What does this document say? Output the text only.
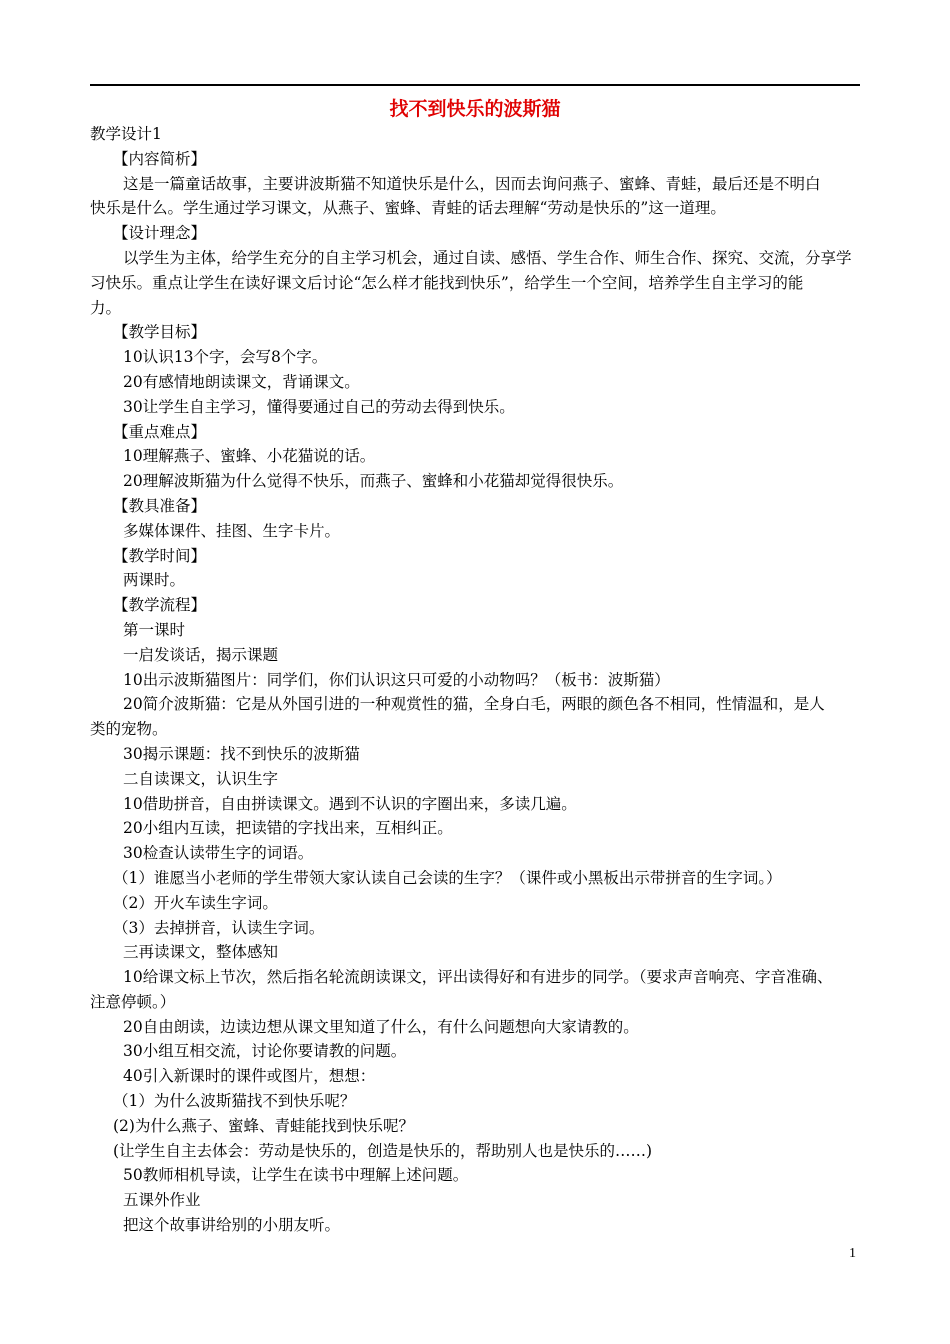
找不到快乐的波斯猫

教学设计1

【内容简析】

这是一篇童话故事，主要讲波斯猫不知道快乐是什么，因而去询问燕子、蜜蜂、青蛙，最后还是不明白

快乐是什么。学生通过学习课文，从燕子、蜜蜂、青蛙的话去理解“劳动是快乐的”这一道理。

【设计理念】

以学生为主体，给学生充分的自主学习机会，通过自读、感悟、学生合作、师生合作、探究、交流，分享学

习快乐。重点让学生在读好课文后讨论“怎么样才能找到快乐”，给学生一个空间，培养学生自主学习的能

力。

【教学目标】

10认识13个字，会写8个字。

20有感情地朗读课文，背诵课文。

30让学生自主学习，懂得要通过自己的劳动去得到快乐。

【重点难点】

10理解燕子、蜜蜂、小花猫说的话。

20理解波斯猫为什么觉得不快乐，而燕子、蜜蜂和小花猫却觉得很快乐。

【教具准备】

多媒体课件、挂图、生字卡片。

【教学时间】

两课时。

【教学流程】

第一课时

一启发谈话，揭示课题

10出示波斯猫图片：同学们，你们认识这只可爱的小动物吗？（板书：波斯猫）

20简介波斯猫：它是从外国引进的一种观赏性的猫，全身白毛，两眼的颜色各不相同，性情温和，是人

类的宠物。

30揭示课题：找不到快乐的波斯猫

二自读课文，认识生字

10借助拼音，自由拼读课文。遇到不认识的字圈出来，多读几遍。

20小组内互读，把读错的字找出来，互相纠正。

30检查认读带生字的词语。

（1）谁愿当小老师的学生带领大家认读自己会读的生字？（课件或小黑板出示带拼音的生字词。）

（2）开火车读生字词。

（3）去掉拼音，认读生字词。

三再读课文，整体感知

10给课文标上节次，然后指名轮流朗读课文，评出读得好和有进步的同学。（要求声音响亮、字音准确、

注意停顿。）

20自由朗读，边读边想从课文里知道了什么，有什么问题想向大家请教的。

30小组互相交流，讨论你要请教的问题。

40引入新课时的课件或图片，想想：

（1）为什么波斯猫找不到快乐呢？

(2)为什么燕子、蜜蜂、青蛙能找到快乐呢？

(让学生自主去体会：劳动是快乐的，创造是快乐的，帮助别人也是快乐的……)

50教师相机导读，让学生在读书中理解上述问题。

五课外作业

把这个故事讲给别的小朋友听。

1
